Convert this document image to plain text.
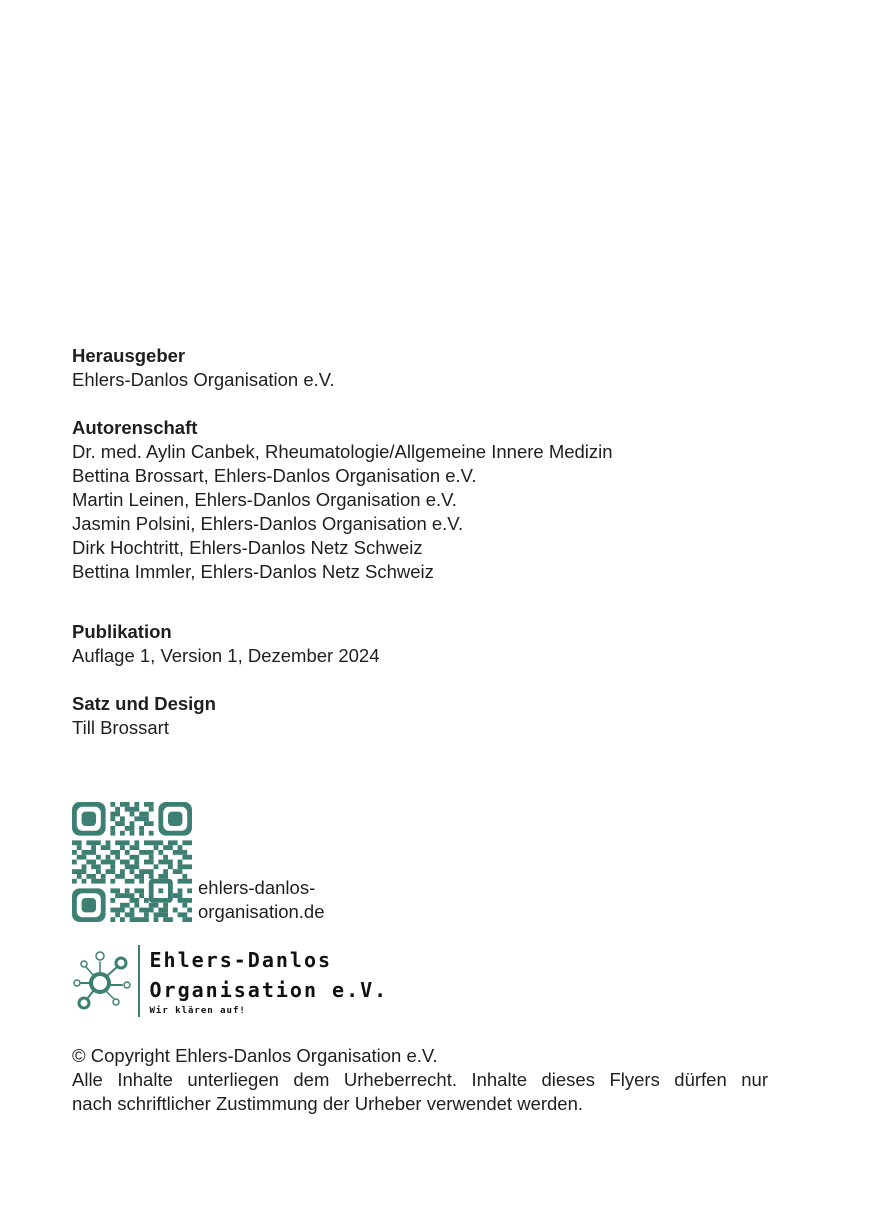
Herausgeber

Ehlers-Danlos Organisation e.V.

Autorenschaft

Dr. med. Aylin Canbek, Rheumatologie/Allgemeine Innere Medizin

Bettina Brossart, Ehlers-Danlos Organisation e.V.

Martin Leinen, Ehlers-Danlos Organisation e.V.

Jasmin Polsini, Ehlers-Danlos Organisation e.V.

Dirk Hochtritt, Ehlers-Danlos Netz Schweiz

Bettina Immler, Ehlers-Danlos Netz Schweiz

Publikation

Auflage 1, Version 1, Dezember 2024

Satz und Design

Till Brossart

ehlers-danlos-
organisation.de
Ehlers-Danlos
Organisation e.V.
Wir klären auf!
© Copyright Ehlers-Danlos Organisation e.V.
Alle Inhalte unterliegen dem Urheberrecht. Inhalte dieses Flyers dürfen nur
nach schriftlicher Zustimmung der Urheber verwendet werden.
